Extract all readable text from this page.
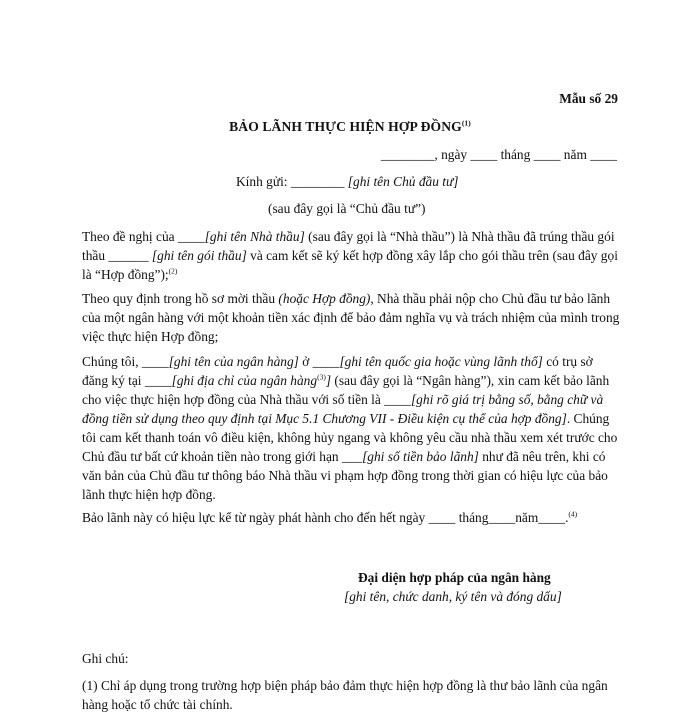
Mẫu số 29
BẢO LÃNH THỰC HIỆN HỢP ĐỒNG$^{(1)}$
________, ngày ____ tháng ____ năm ____
Kính gửi: ________ [ghi tên Chủ đầu tư]
(sau đây gọi là “Chủ đầu tư”)

Theo đề nghị của ____[ghi tên Nhà thầu] (sau đây gọi là “Nhà thầu”) là Nhà thầu đã trúng thầu gói thầu ______ [ghi tên gói thầu] và cam kết sẽ ký kết hợp đồng xây lắp cho gói thầu trên (sau đây gọi là “Hợp đồng”);$^{(2)}$

Theo quy định trong hồ sơ mời thầu (hoặc Hợp đồng), Nhà thầu phải nộp cho Chủ đầu tư bảo lãnh của một ngân hàng với một khoản tiền xác định để bảo đảm nghĩa vụ và trách nhiệm của mình trong việc thực hiện Hợp đồng;

Chúng tôi, ____[ghi tên của ngân hàng] ở ____[ghi tên quốc gia hoặc vùng lãnh thổ] có trụ sở đăng ký tại ____[ghi địa chỉ của ngân hàng$^{(3)}$] (sau đây gọi là “Ngân hàng”), xin cam kết bảo lãnh cho việc thực hiện hợp đồng của Nhà thầu với số tiền là ____[ghi rõ giá trị bằng số, bằng chữ và đồng tiền sử dụng theo quy định tại Mục 5.1 Chương VII - Điều kiện cụ thể của hợp đồng]. Chúng tôi cam kết thanh toán vô điều kiện, không hủy ngang và không yêu cầu nhà thầu xem xét trước cho Chủ đầu tư bất cứ khoản tiền nào trong giới hạn ___[ghi số tiền bảo lãnh] như đã nêu trên, khi có văn bản của Chủ đầu tư thông báo Nhà thầu vi phạm hợp đồng trong thời gian có hiệu lực của bảo lãnh thực hiện hợp đồng.

Bảo lãnh này có hiệu lực kể từ ngày phát hành cho đến hết ngày ____ tháng____năm____.$^{(4)}$

Đại diện hợp pháp của ngân hàng
[ghi tên, chức danh, ký tên và đóng dấu]
Ghi chú:
(1) Chỉ áp dụng trong trường hợp biện pháp bảo đảm thực hiện hợp đồng là thư bảo lãnh của ngân hàng hoặc tổ chức tài chính.
